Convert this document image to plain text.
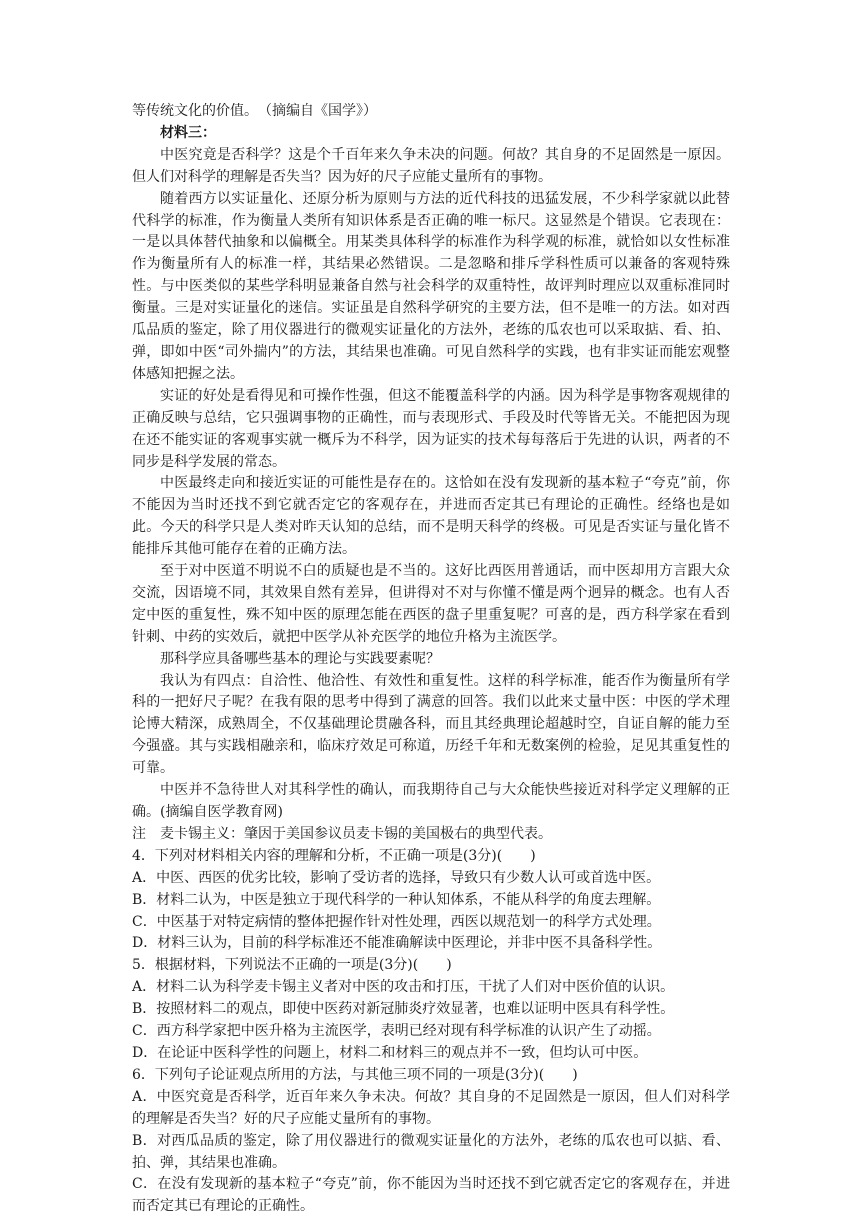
等传统文化的价值。　（摘编自《国学》）

材料三：

中医究竟是否科学？这是个千百年来久争未决的问题。何故？其自身的不足固然是一原因。但人们对科学的理解是否失当？因为好的尺子应能丈量所有的事物。

随着西方以实证量化、还原分析为原则与方法的近代科技的迅猛发展，不少科学家就以此替代科学的标准，作为衡量人类所有知识体系是否正确的唯一标尺。这显然是个错误。它表现在：一是以具体替代抽象和以偏概全。用某类具体科学的标准作为科学观的标准，就恰如以女性标准作为衡量所有人的标准一样，其结果必然错误。二是忽略和排斥学科性质可以兼备的客观特殊性。与中医类似的某些学科明显兼备自然与社会科学的双重特性，故评判时理应以双重标准同时衡量。三是对实证量化的迷信。实证虽是自然科学研究的主要方法，但不是唯一的方法。如对西瓜品质的鉴定，除了用仪器进行的微观实证量化的方法外，老练的瓜农也可以采取掂、看、拍、弹，即如中医“司外揣内”的方法，其结果也准确。可见自然科学的实践，也有非实证而能宏观整体感知把握之法。

实证的好处是看得见和可操作性强，但这不能覆盖科学的内涵。因为科学是事物客观规律的正确反映与总结，它只强调事物的正确性，而与表现形式、手段及时代等皆无关。不能把因为现在还不能实证的客观事实就一概斥为不科学，因为证实的技术每每落后于先进的认识，两者的不同步是科学发展的常态。

中医最终走向和接近实证的可能性是存在的。这恰如在没有发现新的基本粒子“夸克”前，你不能因为当时还找不到它就否定它的客观存在，并进而否定其已有理论的正确性。经络也是如此。今天的科学只是人类对昨天认知的总结，而不是明天科学的终极。可见是否实证与量化皆不能排斥其他可能存在着的正确方法。

至于对中医道不明说不白的质疑也是不当的。这好比西医用普通话，而中医却用方言跟大众交流，因语境不同，其效果自然有差异，但讲得对不对与你懂不懂是两个迥异的概念。也有人否定中医的重复性，殊不知中医的原理怎能在西医的盘子里重复呢？可喜的是，西方科学家在看到针刺、中药的实效后，就把中医学从补充医学的地位升格为主流医学。

那科学应具备哪些基本的理论与实践要素呢？

我认为有四点：自洽性、他洽性、有效性和重复性。这样的科学标准，能否作为衡量所有学科的一把好尺子呢？在我有限的思考中得到了满意的回答。我们以此来丈量中医：中医的学术理论博大精深，成熟周全，不仅基础理论贯融各科，而且其经典理论超越时空，自证自解的能力至今强盛。其与实践相融亲和，临床疗效足可称道，历经千年和无数案例的检验，足见其重复性的可靠。

中医并不急待世人对其科学性的确认，而我期待自己与大众能快些接近对科学定义理解的正确。(摘编自医学教育网)

注　麦卡锡主义：肇因于美国参议员麦卡锡的美国极右的典型代表。

4．下列对材料相关内容的理解和分析，不正确一项是(3分)(　　)

A．中医、西医的优劣比较，影响了受访者的选择，导致只有少数人认可或首选中医。

B．材料二认为，中医是独立于现代科学的一种认知体系，不能从科学的角度去理解。

C．中医基于对特定病情的整体把握作针对性处理，西医以规范划一的科学方式处理。

D．材料三认为，目前的科学标准还不能准确解读中医理论，并非中医不具备科学性。

5．根据材料，下列说法不正确的一项是(3分)(　　)

A．材料二认为科学麦卡锡主义者对中医的攻击和打压，干扰了人们对中医价值的认识。

B．按照材料二的观点，即使中医药对新冠肺炎疗效显著，也难以证明中医具有科学性。

C．西方科学家把中医升格为主流医学，表明已经对现有科学标准的认识产生了动摇。

D．在论证中医科学性的问题上，材料二和材料三的观点并不一致，但均认可中医。

6．下列句子论证观点所用的方法，与其他三项不同的一项是(3分)(　　)

A．中医究竟是否科学，近百年来久争未决。何故？其自身的不足固然是一原因，但人们对科学的理解是否失当？好的尺子应能丈量所有的事物。

B．对西瓜品质的鉴定，除了用仪器进行的微观实证量化的方法外，老练的瓜农也可以掂、看、拍、弹，其结果也准确。

C．在没有发现新的基本粒子“夸克”前，你不能因为当时还找不到它就否定它的客观存在，并进而否定其已有理论的正确性。
